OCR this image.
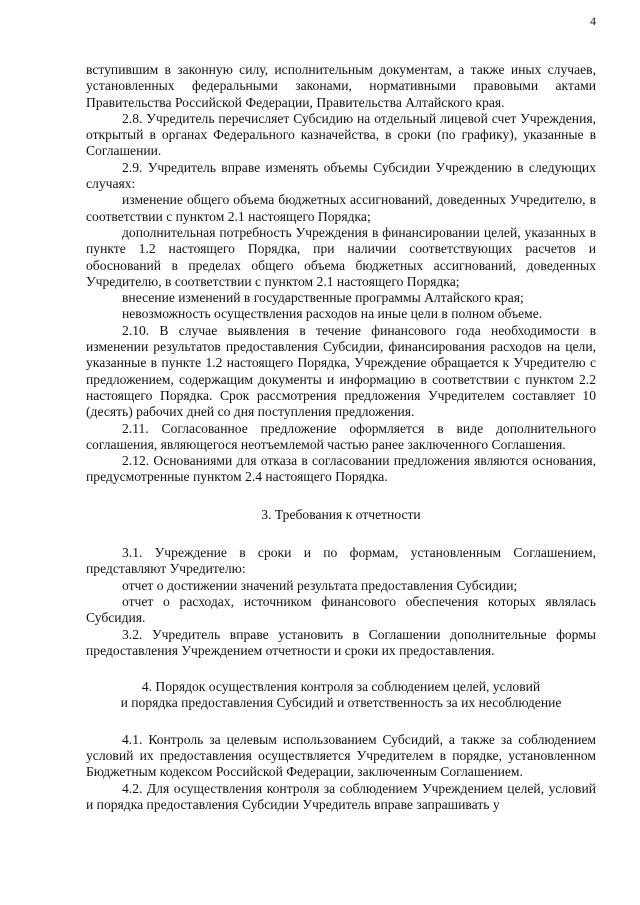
4

вступившим в законную силу, исполнительным документам, а также иных случаев, установленных федеральными законами, нормативными правовыми актами Правительства Российской Федерации, Правительства Алтайского края.

2.8. Учредитель перечисляет Субсидию на отдельный лицевой счет Учреждения, открытый в органах Федерального казначейства, в сроки (по графику), указанные в Соглашении.

2.9. Учредитель вправе изменять объемы Субсидии Учреждению в следующих случаях:

изменение общего объема бюджетных ассигнований, доведенных Учредителю, в соответствии с пунктом 2.1 настоящего Порядка;

дополнительная потребность Учреждения в финансировании целей, указанных в пункте 1.2 настоящего Порядка, при наличии соответствующих расчетов и обоснований в пределах общего объема бюджетных ассигнований, доведенных Учредителю, в соответствии с пунктом 2.1 настоящего Порядка;

внесение изменений в государственные программы Алтайского края;

невозможность осуществления расходов на иные цели в полном объеме.

2.10. В случае выявления в течение финансового года необходимости в изменении результатов предоставления Субсидии, финансирования расходов на цели, указанные в пункте 1.2 настоящего Порядка, Учреждение обращается к Учредителю с предложением, содержащим документы и информацию в соответствии с пунктом 2.2 настоящего Порядка. Срок рассмотрения предложения Учредителем составляет 10 (десять) рабочих дней со дня поступления предложения.

2.11. Согласованное предложение оформляется в виде дополнительного соглашения, являющегося неотъемлемой частью ранее заключенного Соглашения.

2.12. Основаниями для отказа в согласовании предложения являются основания, предусмотренные пунктом 2.4 настоящего Порядка.

3. Требования к отчетности

3.1. Учреждение в сроки и по формам, установленным Соглашением, представляют Учредителю:

отчет о достижении значений результата предоставления Субсидии;

отчет о расходах, источником финансового обеспечения которых являлась Субсидия.

3.2. Учредитель вправе установить в Соглашении дополнительные формы предоставления Учреждением отчетности и сроки их предоставления.

4. Порядок осуществления контроля за соблюдением целей, условий

и порядка предоставления Субсидий и ответственность за их несоблюдение

4.1. Контроль за целевым использованием Субсидий, а также за соблюдением условий их предоставления осуществляется Учредителем в порядке, установленном Бюджетным кодексом Российской Федерации, заключенным Соглашением.

4.2. Для осуществления контроля за соблюдением Учреждением целей, условий и порядка предоставления Субсидии Учредитель вправе запрашивать у
